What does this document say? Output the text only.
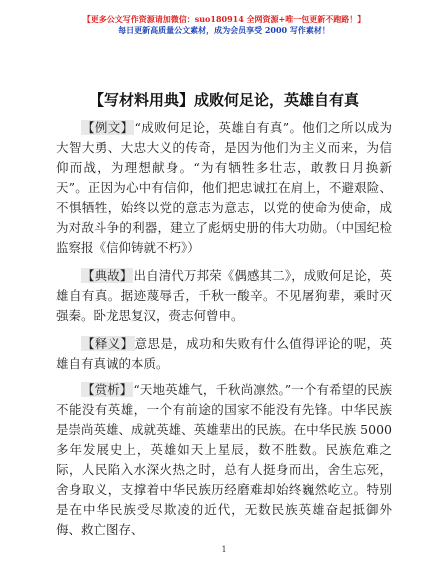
【更多公文写作资源请加微信：suo180914 全网资源+唯一包更新不跑路！】
每日更新高质量公文素材，成为会员享受 2000 写作素材！
【写材料用典】成败何足论，英雄自有真

【例文】“成败何足论，英雄自有真”。他们之所以成为大智大勇、大忠大义的传奇，是因为他们为主义而来，为信仰而战，为理想献身。“为有牺牲多壮志，敢教日月换新天”。正因为心中有信仰，他们把忠诚扛在肩上，不避艰险、不惧牺牲，始终以党的意志为意志，以党的使命为使命，成为对敌斗争的利器，建立了彪炳史册的伟大功勋。（中国纪检监察报《信仰铸就不朽》）

【典故】出自清代万邦荣《偶感其二》，成败何足论，英雄自有真。据迹蔑辱舌，千秋一酸辛。不见屠狗辈，乘时灭强秦。卧龙思复汉，赍志何曾申。

【释义】意思是，成功和失败有什么值得评论的呢，英雄自有真诚的本质。

【赏析】“天地英雄气，千秋尚凛然。”一个有希望的民族不能没有英雄，一个有前途的国家不能没有先锋。中华民族是崇尚英雄、成就英雄、英雄辈出的民族。在中华民族 5000 多年发展史上，英雄如天上星辰，数不胜数。民族危难之际，人民陷入水深火热之时，总有人挺身而出，舍生忘死，舍身取义，支撑着中华民族历经磨难却始终巍然屹立。特别是在中华民族受尽欺凌的近代，无数民族英雄奋起抵御外侮、救亡图存、

1
